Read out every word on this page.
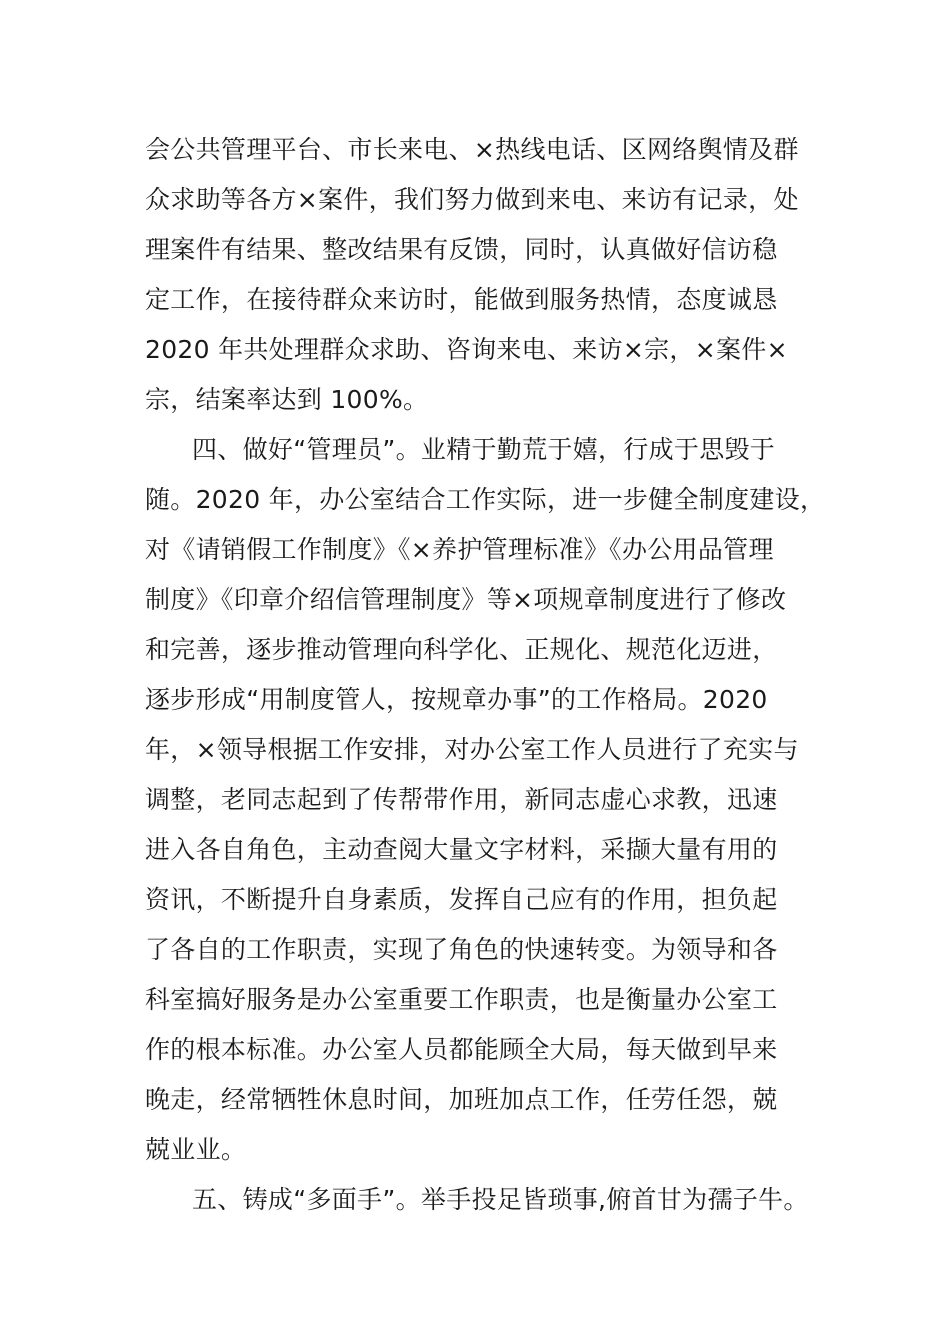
会公共管理平台、市长来电、×热线电话、区网络舆情及群
众求助等各方×案件，我们努力做到来电、来访有记录，处
理案件有结果、整改结果有反馈，同时，认真做好信访稳
定工作，在接待群众来访时，能做到服务热情，态度诚恳
2020 年共处理群众求助、咨询来电、来访×宗，×案件×
宗，结案率达到 100%。
四、做好“管理员”。业精于勤荒于嬉，行成于思毁于
随。2020 年，办公室结合工作实际，进一步健全制度建设，
对《请销假工作制度》《×养护管理标准》《办公用品管理
制度》《印章介绍信管理制度》等×项规章制度进行了修改
和完善，逐步推动管理向科学化、正规化、规范化迈进，
逐步形成“用制度管人，按规章办事”的工作格局。2020
年，×领导根据工作安排，对办公室工作人员进行了充实与
调整，老同志起到了传帮带作用，新同志虚心求教，迅速
进入各自角色，主动查阅大量文字材料，采撷大量有用的
资讯，不断提升自身素质，发挥自己应有的作用，担负起
了各自的工作职责，实现了角色的快速转变。为领导和各
科室搞好服务是办公室重要工作职责，也是衡量办公室工
作的根本标准。办公室人员都能顾全大局，每天做到早来
晚走，经常牺牲休息时间，加班加点工作，任劳任怨，兢
兢业业。
五、铸成“多面手”。举手投足皆琐事,俯首甘为孺子牛。
